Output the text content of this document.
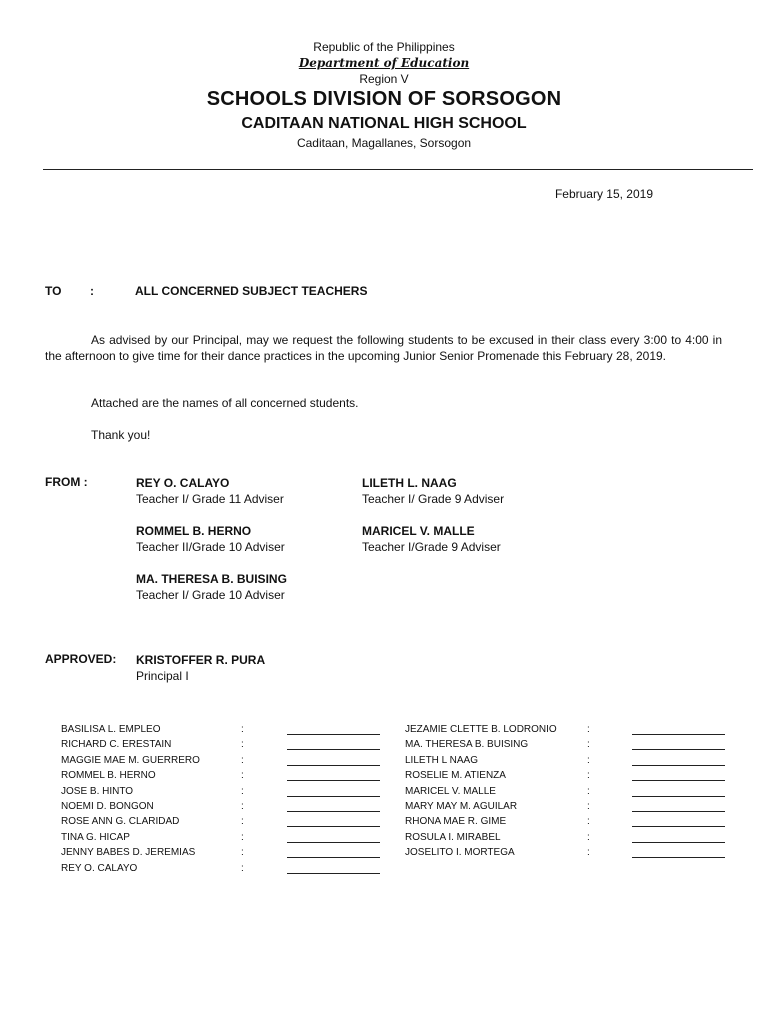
Republic of the Philippines
Department of Education
Region V
SCHOOLS DIVISION OF SORSOGON
CADITAAN NATIONAL HIGH SCHOOL
Caditaan, Magallanes, Sorsogon
February 15, 2019
TO :	ALL CONCERNED SUBJECT TEACHERS
As advised by our Principal, may we request the following students to be excused in their class every 3:00 to 4:00 in the afternoon to give time for their dance practices in the upcoming Junior Senior Promenade this February 28, 2019.
Attached are the names of all concerned students.
Thank you!
FROM :	REY O. CALAYO
Teacher I/ Grade 11 Adviser
LILETH L. NAAG
Teacher I/ Grade 9 Adviser
ROMMEL B. HERNO
Teacher II/Grade 10 Adviser
MARICEL V. MALLE
Teacher I/Grade 9 Adviser
MA. THERESA B. BUISING
Teacher I/ Grade 10 Adviser
APPROVED: KRISTOFFER R. PURA
Principal I
BASILISA L. EMPLEO	:
RICHARD C. ERESTAIN	:
MAGGIE MAE M. GUERRERO	:
ROMMEL B. HERNO	:
JOSE B. HINTO	:
NOEMI D. BONGON	:
ROSE ANN G. CLARIDAD	:
TINA G. HICAP	:
JENNY BABES D. JEREMIAS	:
REY O. CALAYO	:
JEZAMIE CLETTE B. LODRONIO	:
MA. THERESA B. BUISING	:
LILETH L NAAG	:
ROSELIE M. ATIENZA	:
MARICEL V. MALLE	:
MARY MAY M. AGUILAR	:
RHONA MAE R. GIME	:
ROSULA I. MIRABEL	:
JOSELITO I. MORTEGA	:
